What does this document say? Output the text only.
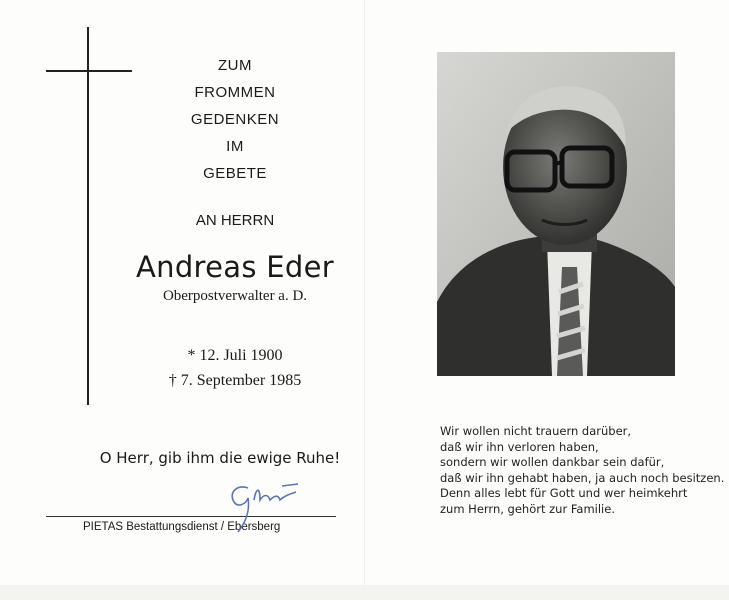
ZUM
FROMMEN
GEDENKEN
IM
GEBETE
AN HERRN
Andreas Eder
Oberpostverwalter a. D.
* 12. Juli 1900
† 7. September 1985
O Herr, gib ihm die ewige Ruhe!
PIETAS Bestattungsdienst / Ebersberg
Wir wollen nicht trauern darüber,
daß wir ihn verloren haben,
sondern wir wollen dankbar sein dafür,
daß wir ihn gehabt haben, ja auch noch besitzen.
Denn alles lebt für Gott und wer heimkehrt
zum Herrn, gehört zur Familie.
